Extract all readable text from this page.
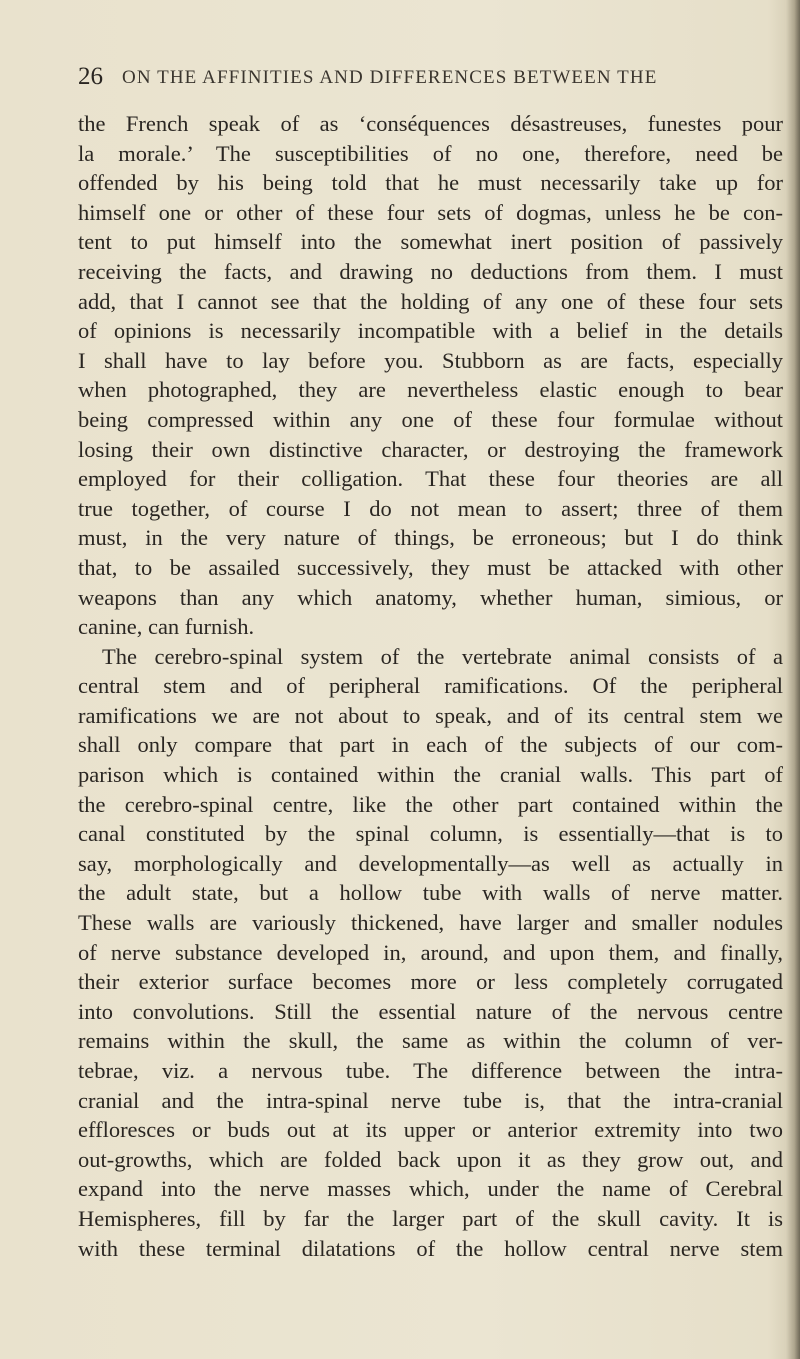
26 ON THE AFFINITIES AND DIFFERENCES BETWEEN THE
the French speak of as ‘conséquences désastreuses, funestes pour
la morale.’ The susceptibilities of no one, therefore, need be
offended by his being told that he must necessarily take up for
himself one or other of these four sets of dogmas, unless he be con-
tent to put himself into the somewhat inert position of passively
receiving the facts, and drawing no deductions from them. I must
add, that I cannot see that the holding of any one of these four sets
of opinions is necessarily incompatible with a belief in the details
I shall have to lay before you. Stubborn as are facts, especially
when photographed, they are nevertheless elastic enough to bear
being compressed within any one of these four formulae without
losing their own distinctive character, or destroying the framework
employed for their colligation. That these four theories are all
true together, of course I do not mean to assert; three of them
must, in the very nature of things, be erroneous; but I do think
that, to be assailed successively, they must be attacked with other
weapons than any which anatomy, whether human, simious, or
canine, can furnish.
The cerebro-spinal system of the vertebrate animal consists of a
central stem and of peripheral ramifications. Of the peripheral
ramifications we are not about to speak, and of its central stem we
shall only compare that part in each of the subjects of our com-
parison which is contained within the cranial walls. This part of
the cerebro-spinal centre, like the other part contained within the
canal constituted by the spinal column, is essentially—that is to
say, morphologically and developmentally—as well as actually in
the adult state, but a hollow tube with walls of nerve matter.
These walls are variously thickened, have larger and smaller nodules
of nerve substance developed in, around, and upon them, and finally,
their exterior surface becomes more or less completely corrugated
into convolutions. Still the essential nature of the nervous centre
remains within the skull, the same as within the column of ver-
tebrae, viz. a nervous tube. The difference between the intra-
cranial and the intra-spinal nerve tube is, that the intra-cranial
effloresces or buds out at its upper or anterior extremity into two
out-growths, which are folded back upon it as they grow out, and
expand into the nerve masses which, under the name of Cerebral
Hemispheres, fill by far the larger part of the skull cavity. It is
with these terminal dilatations of the hollow central nerve stem
